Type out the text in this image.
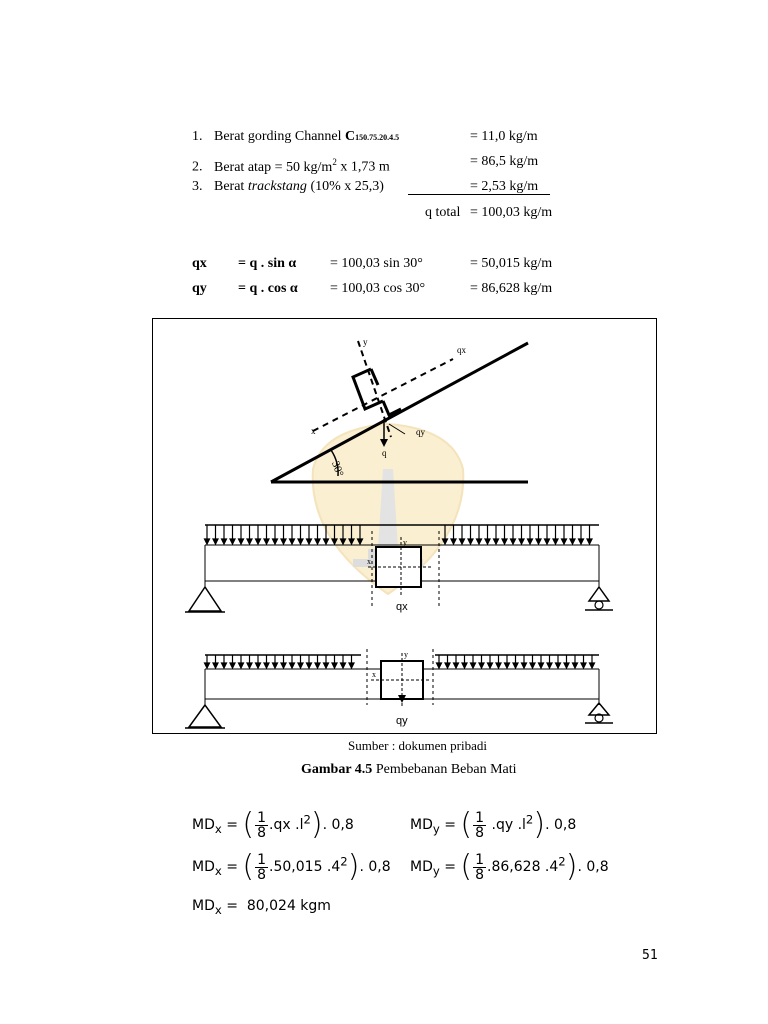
1. Berat gording Channel C150.75.20.4.5	= 11,0 kg/m
2. Berat atap = 50 $kg/m^2$ x 1,73 m	= 86,5 kg/m
3. Berat trackstang (10% x 25,3)	= 2,53 kg/m
q total = 100,03 kg/m
qx = q . sin α = 100,03 sin 30°	= 50,015 kg/m
qy = q . cos α = 100,03 cos 30°	= 86,628 kg/m
y
qx
x	qy
q
30°
y
x
qx
y
x
qy
Sumber : dokumen pribadi
Gambar 4.5 Pembebanan Beban Mati
$MD_x$ = ( $\frac{1}{8} .qx$ $.l^2$). 0,8	$MD_y$ = ( $\frac{1}{8} .qy$ $.l^2$). 0,8
$MD_x$ = ( $\frac{1}{8} .50,015$ $.4^2$). 0,8 $MD_y$ = ( $\frac{1}{8} .86,628$ $.4^2$). 0,8
$MD_x = 80,024$ kgm
51
